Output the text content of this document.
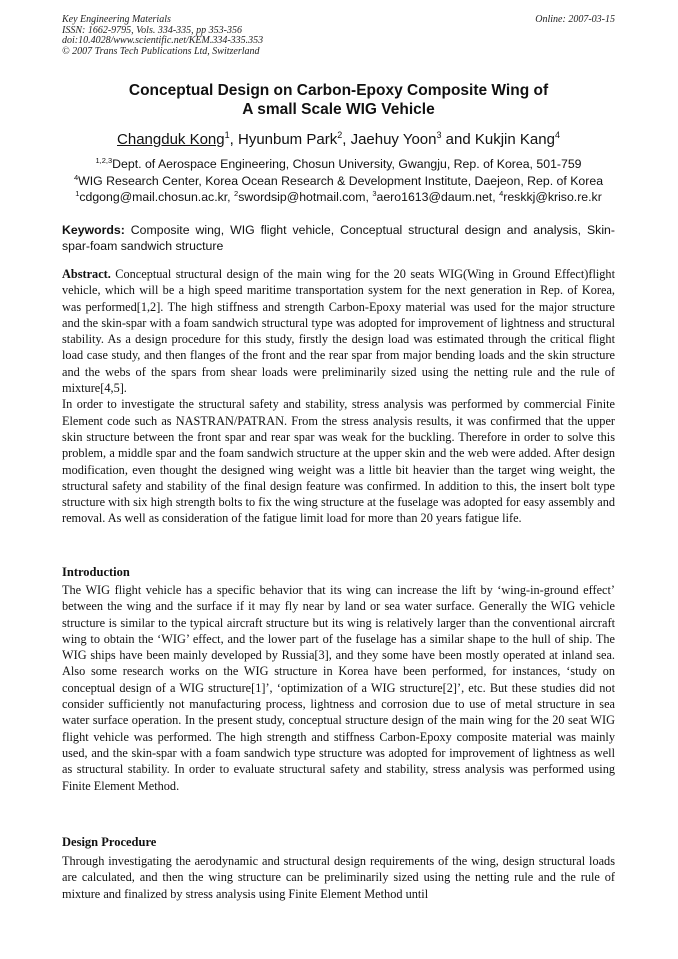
Key Engineering Materials
ISSN: 1662-9795, Vols. 334-335, pp 353-356
doi:10.4028/www.scientific.net/KEM.334-335.353
© 2007 Trans Tech Publications Ltd, Switzerland
Online: 2007-03-15
Conceptual Design on Carbon-Epoxy Composite Wing of
A small Scale WIG Vehicle
Changduk Kong$^1$, Hyunbum Park$^2$, Jaehuy Yoon$^3$ and Kukjin Kang$^4$
$^{1,2,3}$Dept. of Aerospace Engineering, Chosun University, Gwangju, Rep. of Korea, 501-759
$^4$WIG Research Center, Korea Ocean Research & Development Institute, Daejeon, Rep. of Korea
$^1$cdgong@mail.chosun.ac.kr, $^2$swordsip@hotmail.com, $^3$aero1613@daum.net, $^4$reskkj@kriso.re.kr
Keywords: Composite wing, WIG flight vehicle, Conceptual structural design and analysis, Skin-spar-foam sandwich structure

Abstract. Conceptual structural design of the main wing for the 20 seats WIG(Wing in Ground Effect)flight vehicle, which will be a high speed maritime transportation system for the next generation in Rep. of Korea, was performed[1,2]. The high stiffness and strength Carbon-Epoxy material was used for the major structure and the skin-spar with a foam sandwich structural type was adopted for improvement of lightness and structural stability. As a design procedure for this study, firstly the design load was estimated through the critical flight load case study, and then flanges of the front and the rear spar from major bending loads and the skin structure and the webs of the spars from shear loads were preliminarily sized using the netting rule and the rule of mixture[4,5].

In order to investigate the structural safety and stability, stress analysis was performed by commercial Finite Element code such as NASTRAN/PATRAN. From the stress analysis results, it was confirmed that the upper skin structure between the front spar and rear spar was weak for the buckling. Therefore in order to solve this problem, a middle spar and the foam sandwich structure at the upper skin and the web were added. After design modification, even thought the designed wing weight was a little bit heavier than the target wing weight, the structural safety and stability of the final design feature was confirmed. In addition to this, the insert bolt type structure with six high strength bolts to fix the wing structure at the fuselage was adopted for easy assembly and removal. As well as consideration of the fatigue limit load for more than 20 years fatigue life.

Introduction
The WIG flight vehicle has a specific behavior that its wing can increase the lift by ‘wing-in-ground effect’ between the wing and the surface if it may fly near by land or sea water surface. Generally the WIG vehicle structure is similar to the typical aircraft structure but its wing is relatively larger than the conventional aircraft wing to obtain the ‘WIG’ effect, and the lower part of the fuselage has a similar shape to the hull of ship. The WIG ships have been mainly developed by Russia[3], and they some have been mostly operated at inland sea. Also some research works on the WIG structure in Korea have been performed, for instances, ‘study on conceptual design of a WIG structure[1]’, ‘optimization of a WIG structure[2]’, etc. But these studies did not consider sufficiently not manufacturing process, lightness and corrosion due to use of metal structure in sea water surface operation. In the present study, conceptual structure design of the main wing for the 20 seat WIG flight vehicle was performed. The high strength and stiffness Carbon-Epoxy composite material was mainly used, and the skin-spar with a foam sandwich type structure was adopted for improvement of lightness as well as structural stability. In order to evaluate structural safety and stability, stress analysis was performed using Finite Element Method.
Design Procedure
Through investigating the aerodynamic and structural design requirements of the wing, design structural loads are calculated, and then the wing structure can be preliminarily sized using the netting rule and the rule of mixture and finalized by stress analysis using Finite Element Method until
